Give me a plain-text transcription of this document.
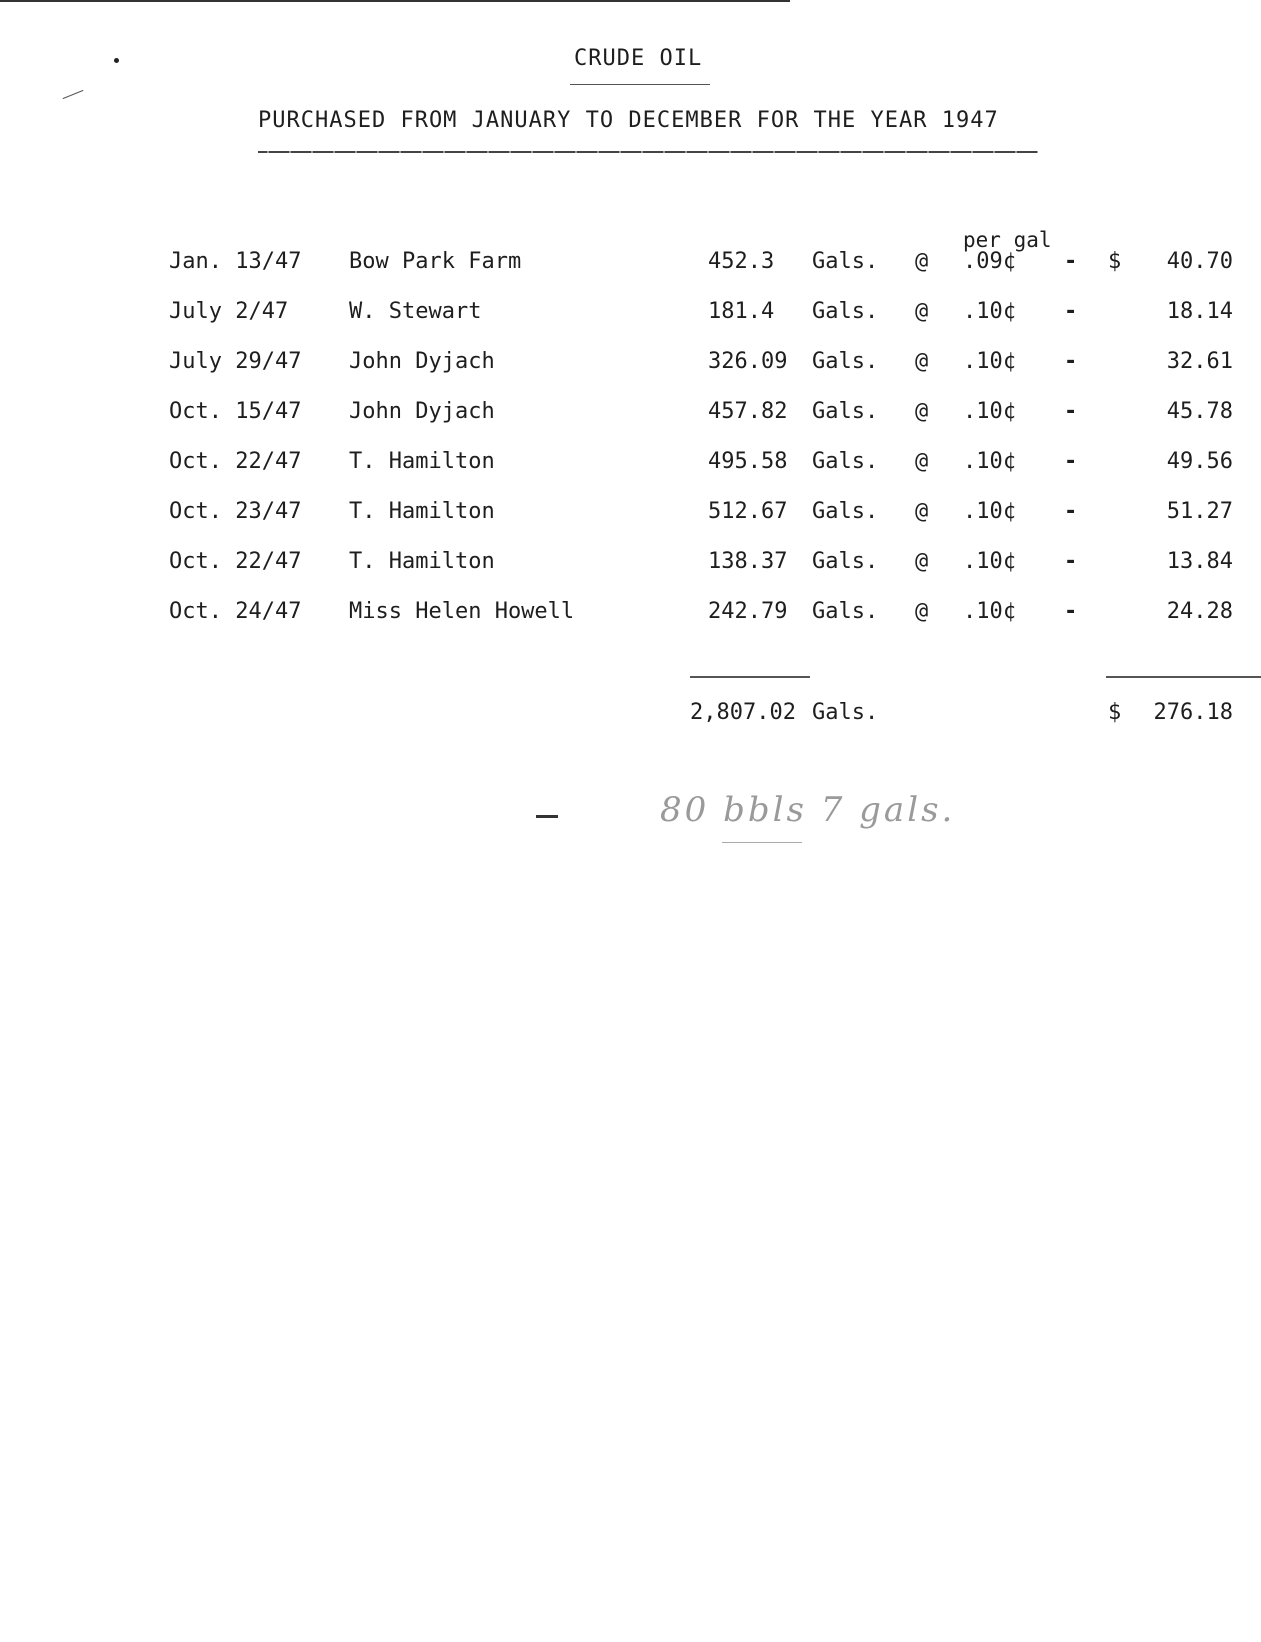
CRUDE OIL
PURCHASED FROM JANUARY TO DECEMBER FOR THE YEAR 1947
per gal
Jan. 13/47 Bow Park Farm	452.3 Gals. @ .09¢ - $ 40.70
July 2/47	W. Stewart	181.4 Gals. @ .10¢ -	18.14
July 29/47 John Dyjach	326.09 Gals. @ .10¢ -	32.61
Oct. 15/47 John Dyjach	457.82 Gals. @ .10¢ -	45.78
Oct. 22/47 T. Hamilton	495.58 Gals. @ .10¢ -	49.56
Oct. 23/47 T. Hamilton	512.67 Gals. @ .10¢ -	51.27
Oct. 22/47 T. Hamilton	138.37 Gals. @ .10¢ -	13.84
Oct. 24/47 Miss Helen Howell	242.79 Gals. @ .10¢ -	24.28
2,807.02 Gals.	$ 276.18
80 bbls 7 gals.
